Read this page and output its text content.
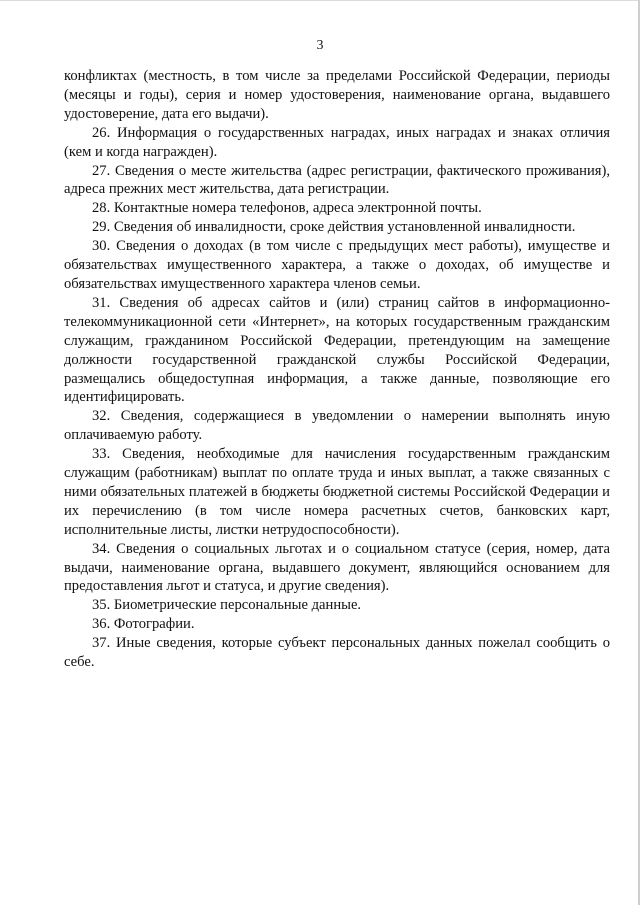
3

конфликтах (местность, в том числе за пределами Российской Федерации, периоды (месяцы и годы), серия и номер удостоверения, наименование органа, выдавшего удостоверение, дата его выдачи).

26. Информация о государственных наградах, иных наградах и знаках отличия (кем и когда награжден).

27. Сведения о месте жительства (адрес регистрации, фактического проживания), адреса прежних мест жительства, дата регистрации.

28. Контактные номера телефонов, адреса электронной почты.

29. Сведения об инвалидности, сроке действия установленной инвалидности.

30. Сведения о доходах (в том числе с предыдущих мест работы), имуществе и обязательствах имущественного характера, а также о доходах, об имуществе и обязательствах имущественного характера членов семьи.

31. Сведения об адресах сайтов и (или) страниц сайтов в информационно-телекоммуникационной сети «Интернет», на которых государственным гражданским служащим, гражданином Российской Федерации, претендующим на замещение должности государственной гражданской службы Российской Федерации, размещались общедоступная информация, а также данные, позволяющие его идентифицировать.

32. Сведения, содержащиеся в уведомлении о намерении выполнять иную оплачиваемую работу.

33. Сведения, необходимые для начисления государственным гражданским служащим (работникам) выплат по оплате труда и иных выплат, а также связанных с ними обязательных платежей в бюджеты бюджетной системы Российской Федерации и их перечислению (в том числе номера расчетных счетов, банковских карт, исполнительные листы, листки нетрудоспособности).

34. Сведения о социальных льготах и о социальном статусе (серия, номер, дата выдачи, наименование органа, выдавшего документ, являющийся основанием для предоставления льгот и статуса, и другие сведения).

35. Биометрические персональные данные.

36. Фотографии.

37. Иные сведения, которые субъект персональных данных пожелал сообщить о себе.
